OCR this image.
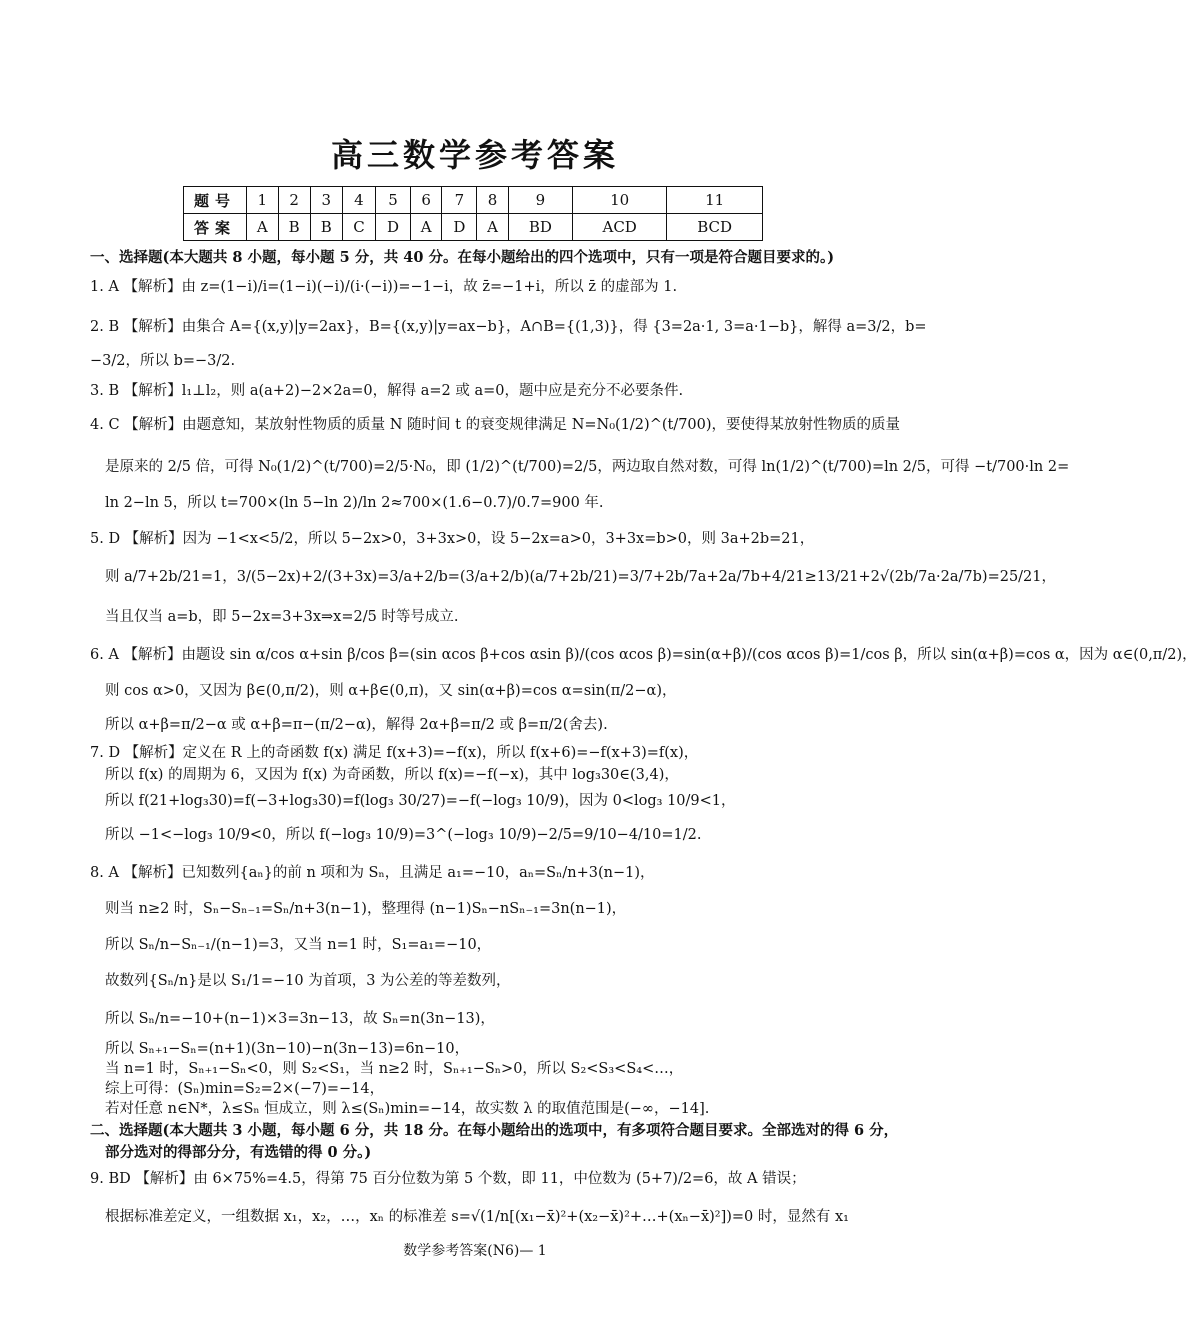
高三数学参考答案
题号	1	2	3	4	5	6	7	8	9	10	11
答案	A	B	B	C	D	A	D	A	BD	ACD	BCD
一、选择题(本大题共 8 小题，每小题 5 分，共 40 分。在每小题给出的四个选项中，只有一项是符合题目要求的。)
1. A 【解析】由 z=(1−i)/i=(1−i)(−i)/(i·(−i))=−1−i，故 z̄=−1+i，所以 z̄ 的虚部为 1.
2. B 【解析】由集合 A={(x,y)|y=2ax}，B={(x,y)|y=ax−b}，A∩B={(1,3)}，得 {3=2a·1, 3=a·1−b}，解得 a=3/2，b=
−3/2，所以 b=−3/2.
3. B 【解析】l₁⊥l₂，则 a(a+2)−2×2a=0，解得 a=2 或 a=0，题中应是充分不必要条件.
4. C 【解析】由题意知，某放射性物质的质量 N 随时间 t 的衰变规律满足 N=N₀(1/2)^(t/700)，要使得某放射性物质的质量
是原来的 2/5 倍，可得 N₀(1/2)^(t/700)=2/5·N₀，即 (1/2)^(t/700)=2/5，两边取自然对数，可得 ln(1/2)^(t/700)=ln 2/5，可得 −t/700·ln 2=
ln 2−ln 5，所以 t=700×(ln 5−ln 2)/ln 2≈700×(1.6−0.7)/0.7=900 年.
5. D 【解析】因为 −1<x<5/2，所以 5−2x>0，3+3x>0，设 5−2x=a>0，3+3x=b>0，则 3a+2b=21，
则 a/7+2b/21=1，3/(5−2x)+2/(3+3x)=3/a+2/b=(3/a+2/b)(a/7+2b/21)=3/7+2b/7a+2a/7b+4/21≥13/21+2√(2b/7a·2a/7b)=25/21，
当且仅当 a=b，即 5−2x=3+3x⇒x=2/5 时等号成立.
6. A 【解析】由题设 sin α/cos α+sin β/cos β=(sin αcos β+cos αsin β)/(cos αcos β)=sin(α+β)/(cos αcos β)=1/cos β，所以 sin(α+β)=cos α，因为 α∈(0,π/2)，
则 cos α>0，又因为 β∈(0,π/2)，则 α+β∈(0,π)，又 sin(α+β)=cos α=sin(π/2−α)，
所以 α+β=π/2−α 或 α+β=π−(π/2−α)，解得 2α+β=π/2 或 β=π/2(舍去).
7. D 【解析】定义在 R 上的奇函数 f(x) 满足 f(x+3)=−f(x)，所以 f(x+6)=−f(x+3)=f(x)，
所以 f(x) 的周期为 6，又因为 f(x) 为奇函数，所以 f(x)=−f(−x)，其中 log₃30∈(3,4)，
所以 f(21+log₃30)=f(−3+log₃30)=f(log₃ 30/27)=−f(−log₃ 10/9)，因为 0<log₃ 10/9<1，
所以 −1<−log₃ 10/9<0，所以 f(−log₃ 10/9)=3^(−log₃ 10/9)−2/5=9/10−4/10=1/2.
8. A 【解析】已知数列{aₙ}的前 n 项和为 Sₙ，且满足 a₁=−10，aₙ=Sₙ/n+3(n−1)，
则当 n≥2 时，Sₙ−Sₙ₋₁=Sₙ/n+3(n−1)，整理得 (n−1)Sₙ−nSₙ₋₁=3n(n−1)，
所以 Sₙ/n−Sₙ₋₁/(n−1)=3，又当 n=1 时，S₁=a₁=−10，
故数列{Sₙ/n}是以 S₁/1=−10 为首项，3 为公差的等差数列，
所以 Sₙ/n=−10+(n−1)×3=3n−13，故 Sₙ=n(3n−13)，
所以 Sₙ₊₁−Sₙ=(n+1)(3n−10)−n(3n−13)=6n−10，
当 n=1 时，Sₙ₊₁−Sₙ<0，则 S₂<S₁，当 n≥2 时，Sₙ₊₁−Sₙ>0，所以 S₂<S₃<S₄<…，
综上可得：(Sₙ)min=S₂=2×(−7)=−14，
若对任意 n∈N*，λ≤Sₙ 恒成立，则 λ≤(Sₙ)min=−14，故实数 λ 的取值范围是(−∞，−14].
二、选择题(本大题共 3 小题，每小题 6 分，共 18 分。在每小题给出的选项中，有多项符合题目要求。全部选对的得 6 分，
部分选对的得部分分，有选错的得 0 分。)
9. BD 【解析】由 6×75%=4.5，得第 75 百分位数为第 5 个数，即 11，中位数为 (5+7)/2=6，故 A 错误；
根据标准差定义，一组数据 x₁，x₂，…，xₙ 的标准差 s=√(1/n[(x₁−x̄)²+(x₂−x̄)²+…+(xₙ−x̄)²])=0 时，显然有 x₁
数学参考答案(N6)— 1
